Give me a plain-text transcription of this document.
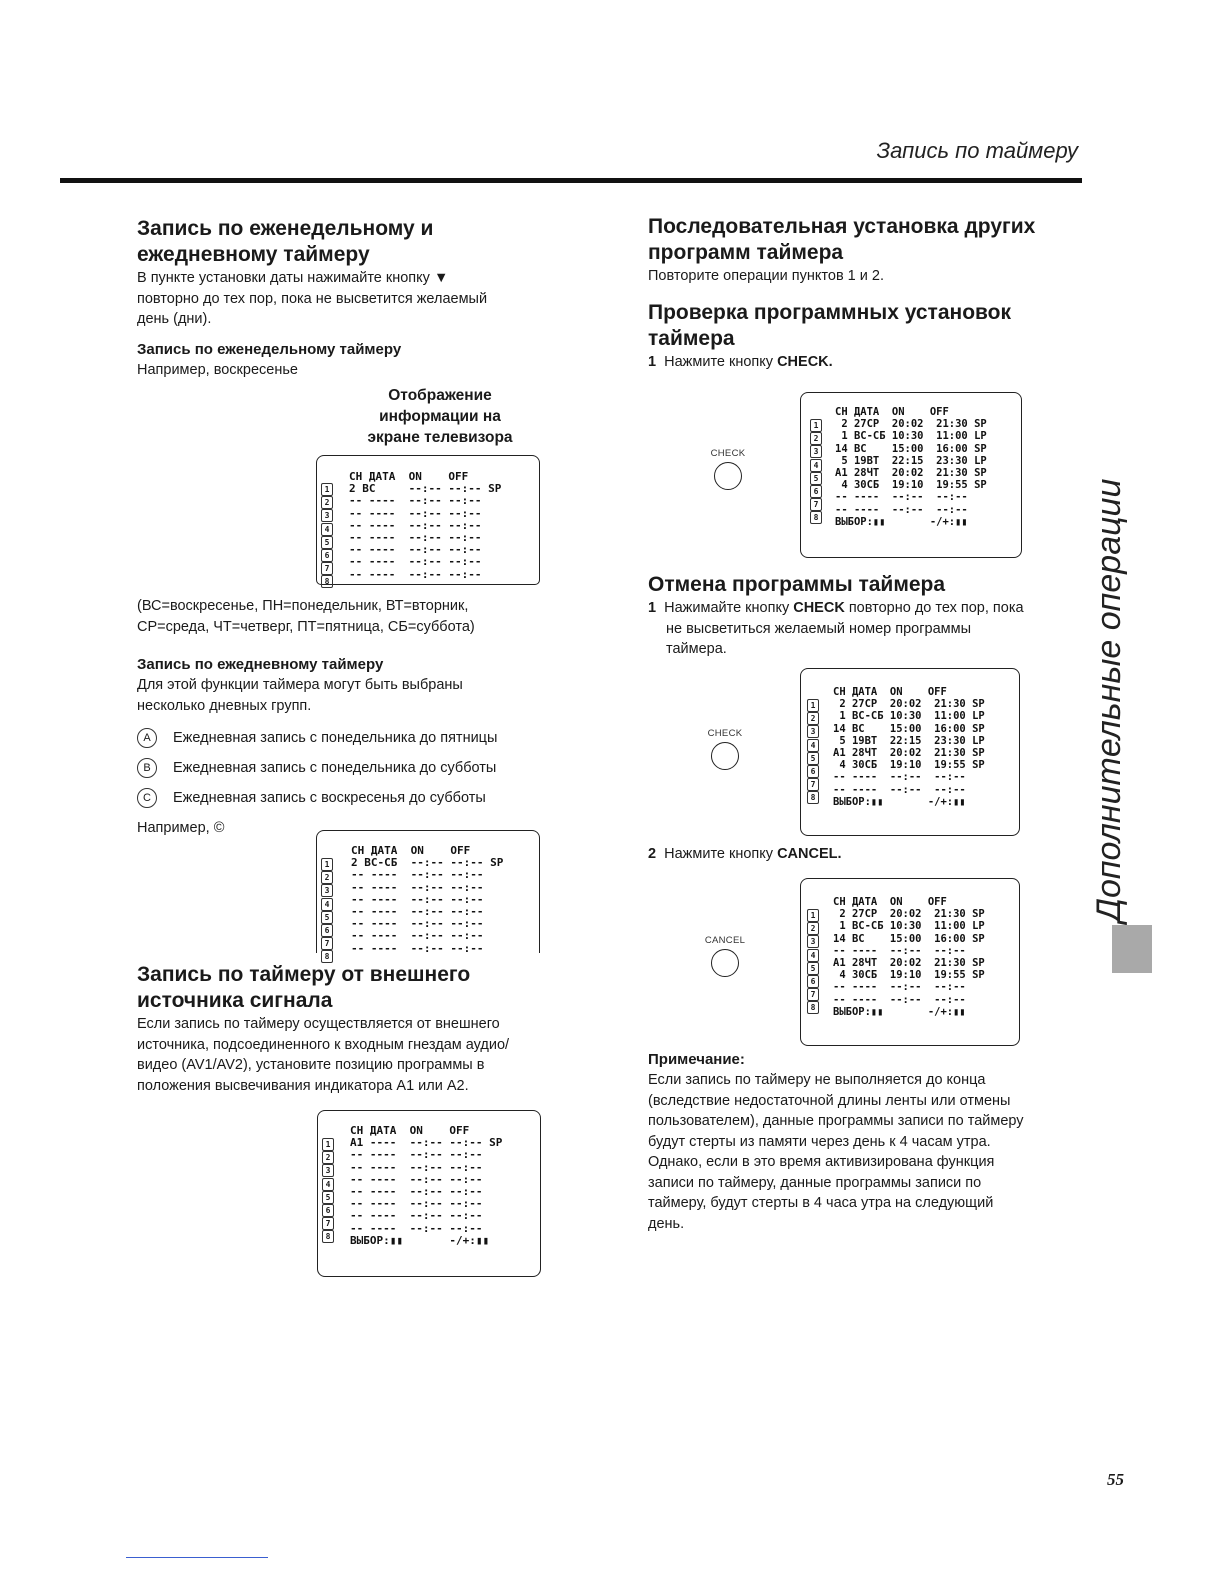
Запись по таймеру

Запись по еженедельному и

ежедневному таймеру

В пункте установки даты нажимайте кнопку ▼

повторно до тех пор, пока не высветится желаемый

день (дни).

Запись по еженедельному таймеру

Например, воскресенье

Отображение
информации на
экране телевизора
1
2
3
4
5
6
7
8
CH ДАТА  ON    OFF
2 ВС     --:-- --:-- SP
-- ----  --:-- --:--
-- ----  --:-- --:--
-- ----  --:-- --:--
-- ----  --:-- --:--
-- ----  --:-- --:--
-- ----  --:-- --:--
-- ----  --:-- --:--

(ВС=воскресенье, ПН=понедельник, ВТ=вторник,

СР=среда, ЧТ=четверг, ПТ=пятница, СБ=суббота)

Запись по ежедневному таймеру

Для этой функции таймера могут быть выбраны

несколько дневных групп.

A	Ежедневная запись с понедельника до пятницы
B	Ежедневная запись с понедельника до субботы
C	Ежедневная запись с воскресенья до субботы

Например, ©

1
2
3
4
5
6
7
8
CH ДАТА  ON    OFF
2 ВС-СБ  --:-- --:-- SP
-- ----  --:-- --:--
-- ----  --:-- --:--
-- ----  --:-- --:--
-- ----  --:-- --:--
-- ----  --:-- --:--
-- ----  --:-- --:--
-- ----  --:-- --:--

Запись по таймеру от внешнего

источника сигнала

Если запись по таймеру осуществляется от внешнего

источника, подсоединенного к входным гнездам аудио/

видео (AV1/AV2), установите позицию программы в

положения высвечивания индикатора A1 или A2.

1
2
3
4
5
6
7
8
CH ДАТА  ON    OFF
A1 ----  --:-- --:-- SP
-- ----  --:-- --:--
-- ----  --:-- --:--
-- ----  --:-- --:--
-- ----  --:-- --:--
-- ----  --:-- --:--
-- ----  --:-- --:--
-- ----  --:-- --:--
ВЫБОР:▮▮       -/+:▮▮

Последовательная установка других

программ таймера

Повторите операции пунктов 1 и 2.

Проверка программных установок

таймера

1 Нажмите кнопку CHECK.

CHECK
1
2
3
4
5
6
7
8
CH ДАТА  ON    OFF
2 27СР  20:02  21:30 SP
1 ВС-СБ 10:30  11:00 LP
14 ВС    15:00  16:00 SP
5 19ВТ  22:15  23:30 LP
A1 28ЧТ  20:02  21:30 SP
4 30СБ  19:10  19:55 SP
-- ----  --:--  --:--
-- ----  --:--  --:--
ВЫБОР:▮▮       -/+:▮▮

Отмена программы таймера

1 Нажимайте кнопку CHECK повторно до тех пор, пока

не высветиться желаемый номер программы

таймера.

CHECK
1
2
3
4
5
6
7
8
CH ДАТА  ON    OFF
2 27СР  20:02  21:30 SP
1 ВС-СБ 10:30  11:00 LP
14 ВС    15:00  16:00 SP
5 19ВТ  22:15  23:30 LP
A1 28ЧТ  20:02  21:30 SP
4 30СБ  19:10  19:55 SP
-- ----  --:--  --:--
-- ----  --:--  --:--
ВЫБОР:▮▮       -/+:▮▮

2 Нажмите кнопку CANCEL.

CANCEL
1
2
3
4
5
6
7
8
CH ДАТА  ON    OFF
2 27СР  20:02  21:30 SP
1 ВС-СБ 10:30  11:00 LP
14 ВС    15:00  16:00 SP
-- ----  --:--  --:--
A1 28ЧТ  20:02  21:30 SP
4 30СБ  19:10  19:55 SP
-- ----  --:--  --:--
-- ----  --:--  --:--
ВЫБОР:▮▮       -/+:▮▮

Примечание:

Если запись по таймеру не выполняется до конца

(вследствие недостаточной длины ленты или отмены

пользователем), данные программы записи по таймеру

будут стерты из памяти через день к 4 часам утра.

Однако, если в это время активизирована функция

записи по таймеру, данные программы записи по

таймеру, будут стерты в 4 часа утра на следующий

день.

Дополнительные операции
55
